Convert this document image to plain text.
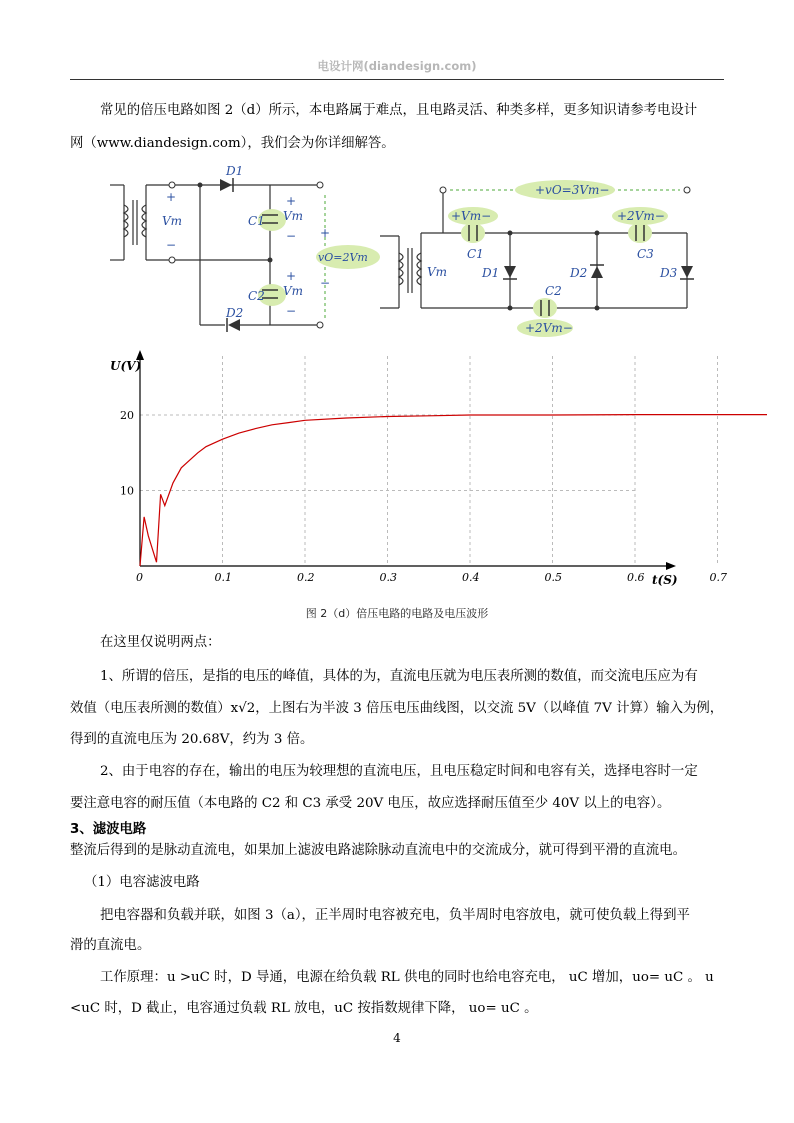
电设计网(diandesign.com)
常见的倍压电路如图 2（d）所示，本电路属于难点，且电路灵活、种类多样，更多知识请参考电设计
网（www.diandesign.com），我们会为你详细解答。
D1
D2
C1
C2
Vm	Vm
Vm
vO=2Vm
+
−
+
−
+
−
+
−
+vO=3Vm−
+Vm−	+2Vm−
C1
C2
C3
D1	D2	D3
+2Vm−
Vm
U(V)
t(S)
0	0.1	0.2	0.3	0.4	0.5	0.6	0.7
10
20
图 2（d）倍压电路的电路及电压波形
在这里仅说明两点：
1、所谓的倍压，是指的电压的峰值，具体的为，直流电压就为电压表所测的数值，而交流电压应为有
效值（电压表所测的数值）x√2，上图右为半波 3 倍压电压曲线图，以交流 5V（以峰值 7V 计算）输入为例，
得到的直流电压为 20.68V，约为 3 倍。
2、由于电容的存在，输出的电压为较理想的直流电压，且电压稳定时间和电容有关，选择电容时一定
要注意电容的耐压值（本电路的 C2 和 C3 承受 20V 电压，故应选择耐压值至少 40V 以上的电容）。
3、滤波电路
整流后得到的是脉动直流电，如果加上滤波电路滤除脉动直流电中的交流成分，就可得到平滑的直流电。
（1）电容滤波电路
把电容器和负载并联，如图 3（a），正半周时电容被充电，负半周时电容放电，就可使负载上得到平
滑的直流电。
工作原理：u >uC 时，D 导通，电源在给负载 RL 供电的同时也给电容充电， uC 增加，uo= uC 。 u
<uC 时，D 截止，电容通过负载 RL 放电，uC 按指数规律下降， uo= uC 。
4
